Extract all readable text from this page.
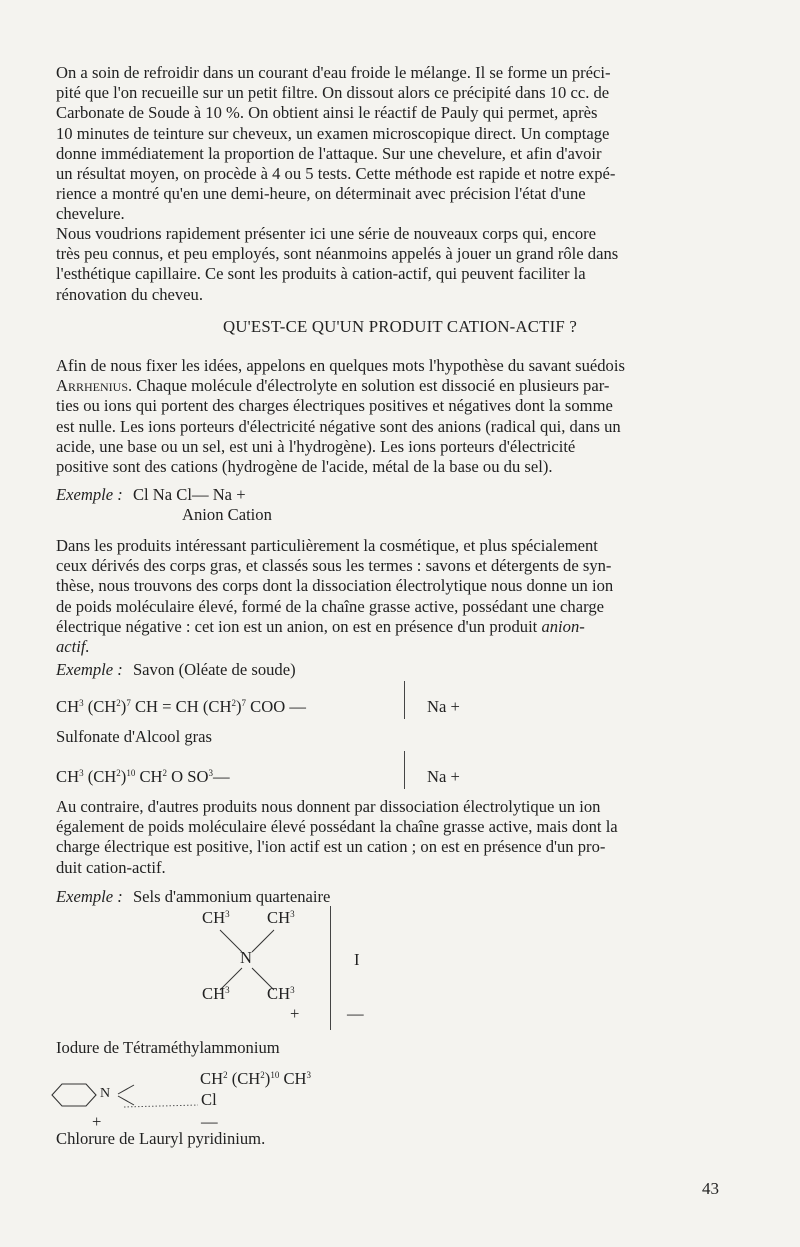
On a soin de refroidir dans un courant d'eau froide le mélange. Il se forme un préci-
pité que l'on recueille sur un petit filtre. On dissout alors ce précipité dans 10 cc. de
Carbonate de Soude à 10 %. On obtient ainsi le réactif de Pauly qui permet, après
10 minutes de teinture sur cheveux, un examen microscopique direct. Un comptage
donne immédiatement la proportion de l'attaque. Sur une chevelure, et afin d'avoir
un résultat moyen, on procède à 4 ou 5 tests. Cette méthode est rapide et notre expé-
rience a montré qu'en une demi-heure, on déterminait avec précision l'état d'une
chevelure.
Nous voudrions rapidement présenter ici une série de nouveaux corps qui, encore
très peu connus, et peu employés, sont néanmoins appelés à jouer un grand rôle dans
l'esthétique capillaire. Ce sont les produits à cation-actif, qui peuvent faciliter la
rénovation du cheveu.
QU'EST-CE QU'UN PRODUIT CATION-ACTIF ?
Afin de nous fixer les idées, appelons en quelques mots l'hypothèse du savant suédois
Arrhenius. Chaque molécule d'électrolyte en solution est dissocié en plusieurs par-
ties ou ions qui portent des charges électriques positives et négatives dont la somme
est nulle. Les ions porteurs d'électricité négative sont des anions (radical qui, dans un
acide, une base ou un sel, est uni à l'hydrogène). Les ions porteurs d'électricité
positive sont des cations (hydrogène de l'acide, métal de la base ou du sel).
Exemple : Cl Na Cl— Na +
Anion Cation
Dans les produits intéressant particulièrement la cosmétique, et plus spécialement
ceux dérivés des corps gras, et classés sous les termes : savons et détergents de syn-
thèse, nous trouvons des corps dont la dissociation électrolytique nous donne un ion
de poids moléculaire élevé, formé de la chaîne grasse active, possédant une charge
électrique négative : cet ion est un anion, on est en présence d'un produit anion-
actif.
Exemple : Savon (Oléate de soude)
$CH^3$ $(CH^2)^7$ CH = CH $(CH^2)^7$ COO —	Na +
Sulfonate d'Alcool gras
$CH^3$ $(CH^2)^{10}$ $CH^2$ O $SO^3—$	Na +
Au contraire, d'autres produits nous donnent par dissociation électrolytique un ion
également de poids moléculaire élevé possédant la chaîne grasse active, mais dont la
charge électrique est positive, l'ion actif est un cation ; on est en présence d'un pro-
duit cation-actif.
Exemple : Sels d'ammonium quartenaire
$CH^3$ $CH^3$
N
$CH^3$ $CH^3$
+
I
—
Iodure de Tétraméthylammonium
$CH^2$ $(CH^2)^{10}$ $CH^3$
N	Cl
+	—
Chlorure de Lauryl pyridinium.
43
